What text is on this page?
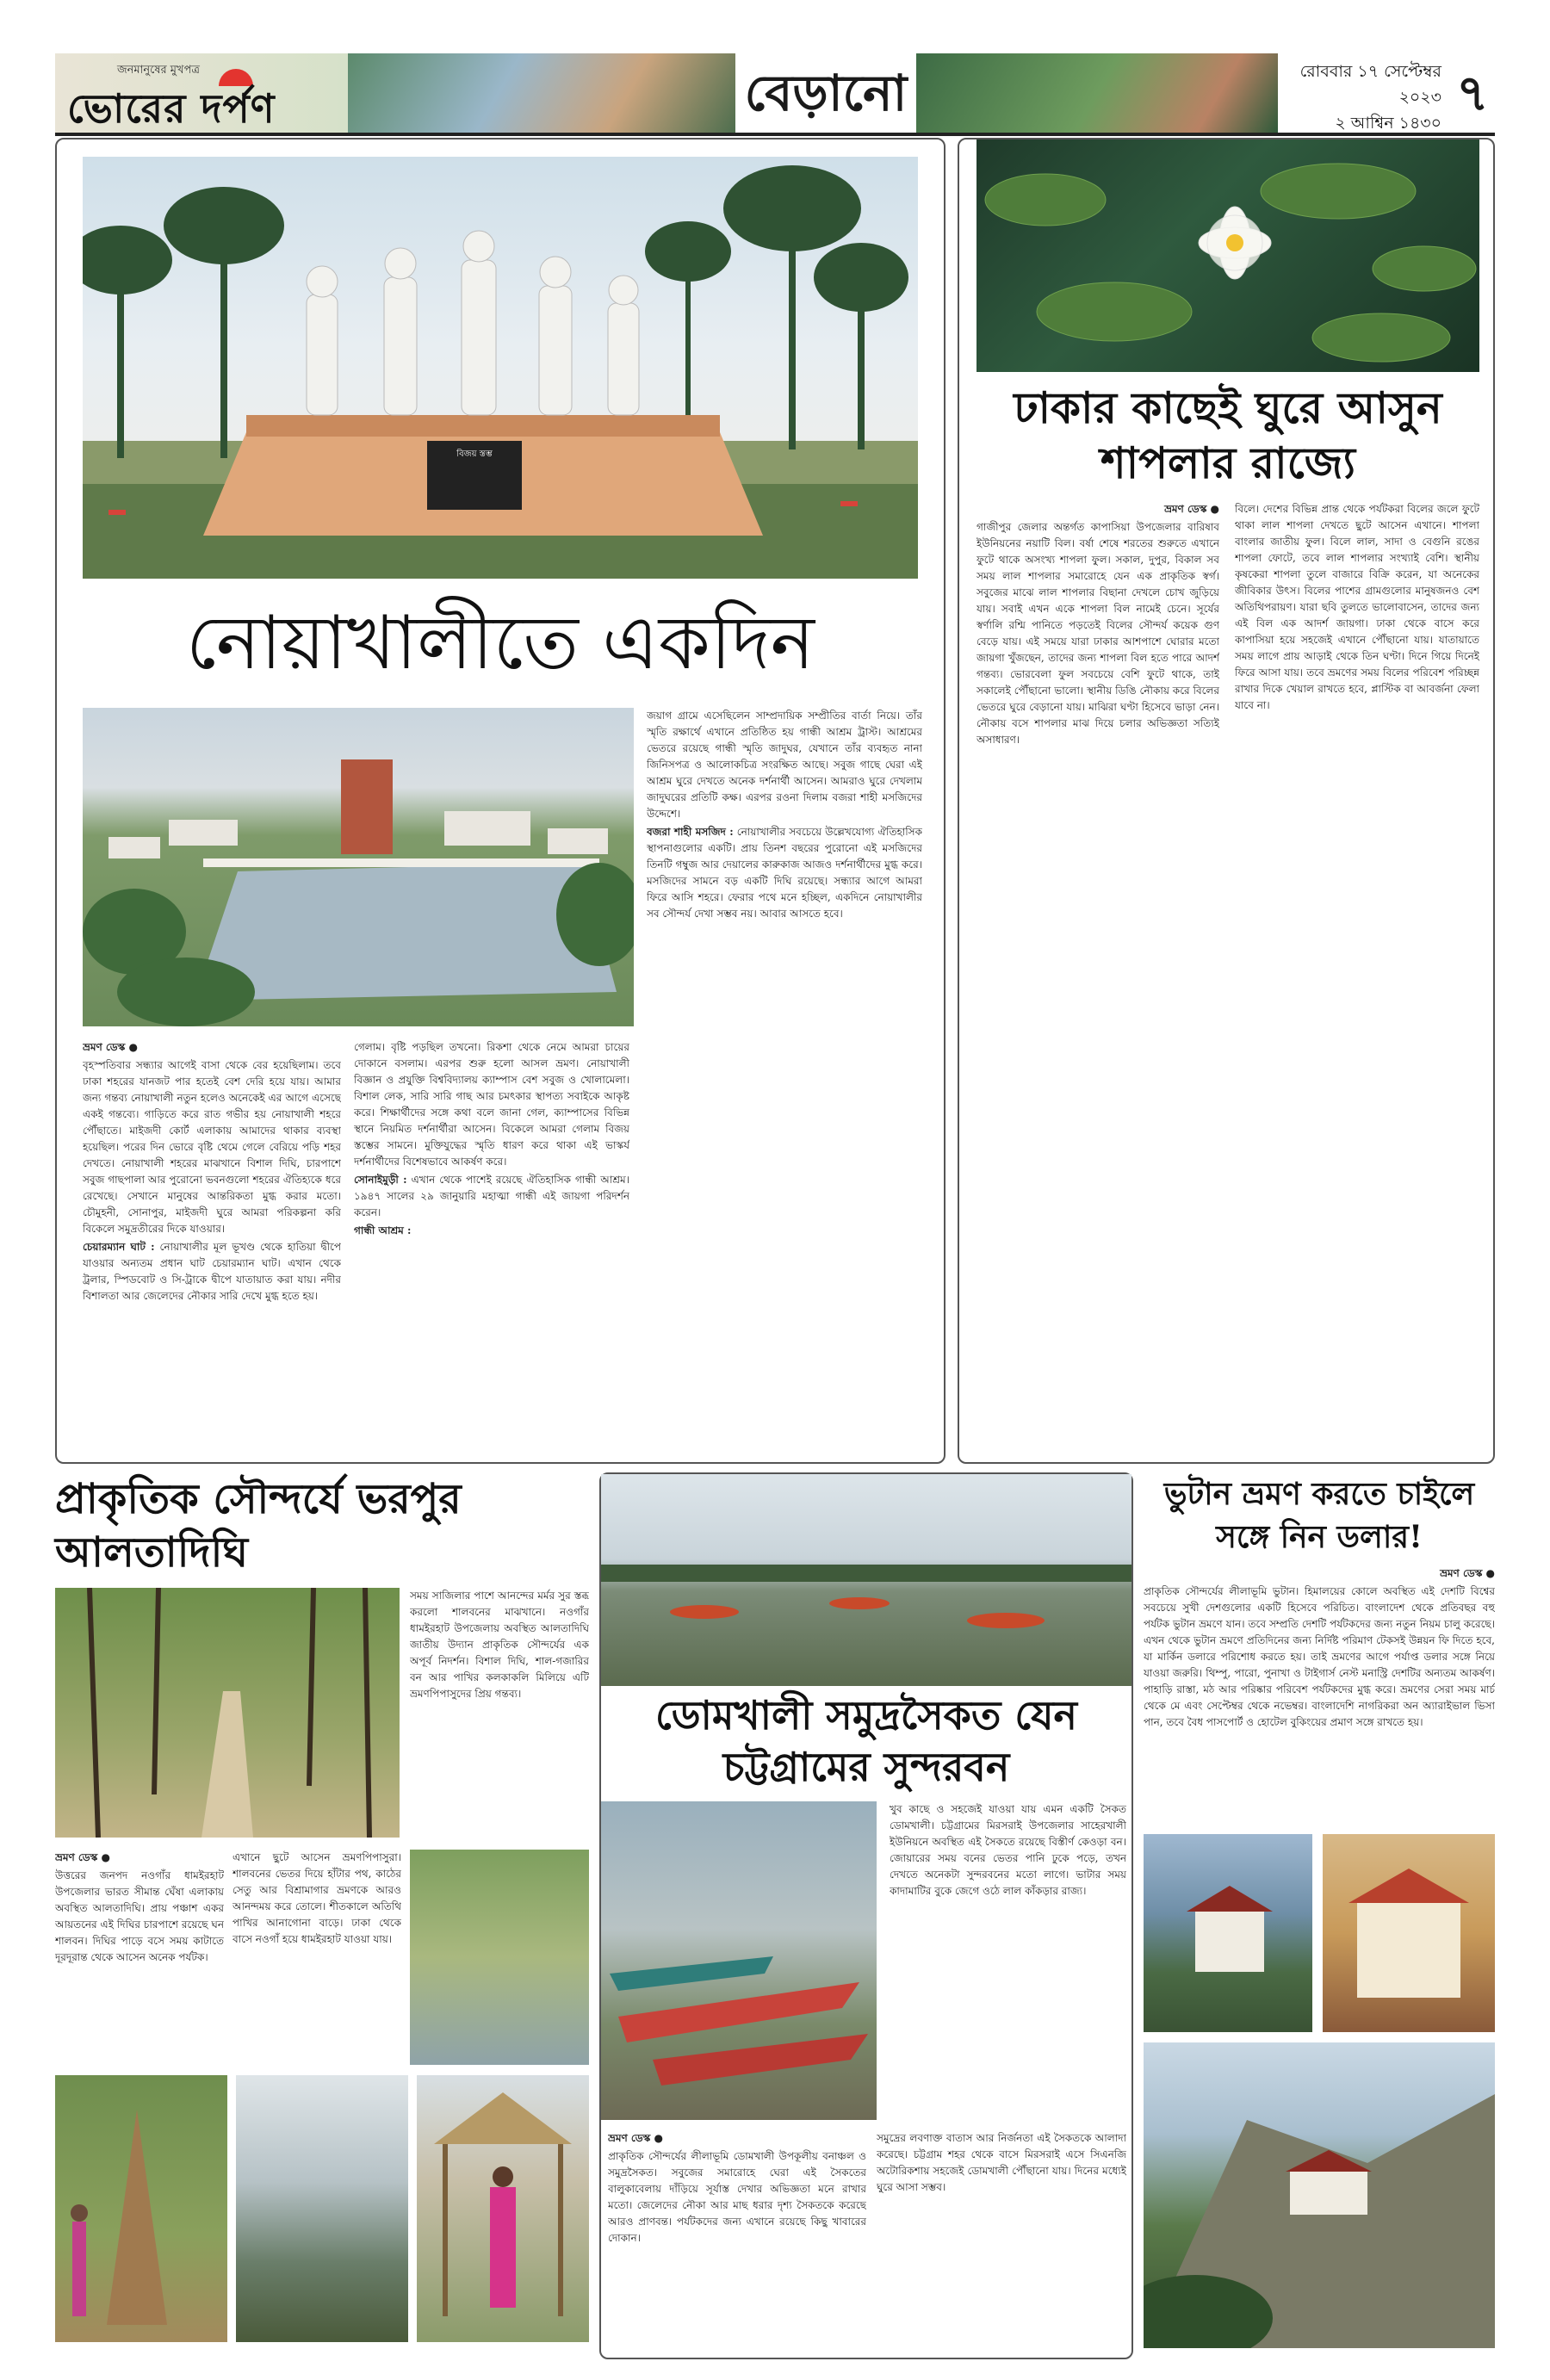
জনমানুষের মুখপত্র
ভোরের দর্পণ	বেড়ানো	রোববার ১৭ সেপ্টেম্বর ২০২৩
২ আশ্বিন ১৪৩০
৭
বিজয় স্তম্ভ
নোয়াখালীতে একদিন

ভ্রমণ ডেস্ক ●

বৃহস্পতিবার সন্ধ্যার আগেই বাসা থেকে বের হয়েছিলাম। তবে ঢাকা শহরের যানজট পার হতেই বেশ দেরি হয়ে যায়। আমার জন্য গন্তব্য নোয়াখালী নতুন হলেও অনেকেই এর আগে এসেছে একই গন্তব্যে। গাড়িতে করে রাত গভীর হয় নোয়াখালী শহরে পৌঁছাতে। মাইজদী কোর্ট এলাকায় আমাদের থাকার ব্যবস্থা হয়েছিল। পরের দিন ভোরে বৃষ্টি থেমে গেলে বেরিয়ে পড়ি শহর দেখতে। নোয়াখালী শহরের মাঝখানে বিশাল দিঘি, চারপাশে সবুজ গাছপালা আর পুরোনো ভবনগুলো শহরের ঐতিহ্যকে ধরে রেখেছে। সেখানে মানুষের আন্তরিকতা মুগ্ধ করার মতো। চৌমুহনী, সোনাপুর, মাইজদী ঘুরে আমরা পরিকল্পনা করি বিকেলে সমুদ্রতীরের দিকে যাওয়ার।

চেয়ারম্যান ঘাট : নোয়াখালীর মূল ভূখণ্ড থেকে হাতিয়া দ্বীপে যাওয়ার অন্যতম প্রধান ঘাট চেয়ারম্যান ঘাট। এখান থেকে ট্রলার, স্পিডবোট ও সি-ট্রাকে দ্বীপে যাতায়াত করা যায়। নদীর বিশালতা আর জেলেদের নৌকার সারি দেখে মুগ্ধ হতে হয়।

গেলাম। বৃষ্টি পড়ছিল তখনো। রিকশা থেকে নেমে আমরা চায়ের দোকানে বসলাম। এরপর শুরু হলো আসল ভ্রমণ। নোয়াখালী বিজ্ঞান ও প্রযুক্তি বিশ্ববিদ্যালয় ক্যাম্পাস বেশ সবুজ ও খোলামেলা। বিশাল লেক, সারি সারি গাছ আর চমৎকার স্থাপত্য সবাইকে আকৃষ্ট করে। শিক্ষার্থীদের সঙ্গে কথা বলে জানা গেল, ক্যাম্পাসের বিভিন্ন স্থানে নিয়মিত দর্শনার্থীরা আসেন। বিকেলে আমরা গেলাম বিজয় স্তম্ভের সামনে। মুক্তিযুদ্ধের স্মৃতি ধারণ করে থাকা এই ভাস্কর্য দর্শনার্থীদের বিশেষভাবে আকর্ষণ করে।

সোনাইমুড়ী : এখান থেকে পাশেই রয়েছে ঐতিহাসিক গান্ধী আশ্রম। ১৯৪৭ সালের ২৯ জানুয়ারি মহাত্মা গান্ধী এই জায়গা পরিদর্শন করেন।

গান্ধী আশ্রম :

জয়াগ গ্রামে এসেছিলেন সাম্প্রদায়িক সম্প্রীতির বার্তা নিয়ে। তাঁর স্মৃতি রক্ষার্থে এখানে প্রতিষ্ঠিত হয় গান্ধী আশ্রম ট্রাস্ট। আশ্রমের ভেতরে রয়েছে গান্ধী স্মৃতি জাদুঘর, যেখানে তাঁর ব্যবহৃত নানা জিনিসপত্র ও আলোকচিত্র সংরক্ষিত আছে। সবুজ গাছে ঘেরা এই আশ্রম ঘুরে দেখতে অনেক দর্শনার্থী আসেন। আমরাও ঘুরে দেখলাম জাদুঘরের প্রতিটি কক্ষ। এরপর রওনা দিলাম বজরা শাহী মসজিদের উদ্দেশে।

বজরা শাহী মসজিদ : নোয়াখালীর সবচেয়ে উল্লেখযোগ্য ঐতিহাসিক স্থাপনাগুলোর একটি। প্রায় তিনশ বছরের পুরোনো এই মসজিদের তিনটি গম্বুজ আর দেয়ালের কারুকাজ আজও দর্শনার্থীদের মুগ্ধ করে। মসজিদের সামনে বড় একটি দিঘি রয়েছে। সন্ধ্যার আগে আমরা ফিরে আসি শহরে। ফেরার পথে মনে হচ্ছিল, একদিনে নোয়াখালীর সব সৌন্দর্য দেখা সম্ভব নয়। আবার আসতে হবে।

ঢাকার কাছেই ঘুরে আসুন
শাপলার রাজ্যে

ভ্রমণ ডেস্ক ●

গাজীপুর জেলার অন্তর্গত কাপাসিয়া উপজেলার বারিষাব ইউনিয়নের নয়াটি বিল। বর্ষা শেষে শরতের শুরুতে এখানে ফুটে থাকে অসংখ্য শাপলা ফুল। সকাল, দুপুর, বিকাল সব সময় লাল শাপলার সমারোহে যেন এক প্রাকৃতিক স্বর্গ। সবুজের মাঝে লাল শাপলার বিছানা দেখলে চোখ জুড়িয়ে যায়। সবাই এখন একে শাপলা বিল নামেই চেনে। সূর্যের স্বর্ণালি রশ্মি পানিতে পড়তেই বিলের সৌন্দর্য কয়েক গুণ বেড়ে যায়। এই সময়ে যারা ঢাকার আশপাশে ঘোরার মতো জায়গা খুঁজছেন, তাদের জন্য শাপলা বিল হতে পারে আদর্শ গন্তব্য। ভোরবেলা ফুল সবচেয়ে বেশি ফুটে থাকে, তাই সকালেই পৌঁছানো ভালো। স্থানীয় ডিঙি নৌকায় করে বিলের ভেতরে ঘুরে বেড়ানো যায়। মাঝিরা ঘণ্টা হিসেবে ভাড়া নেন। নৌকায় বসে শাপলার মাঝ দিয়ে চলার অভিজ্ঞতা সত্যিই অসাধারণ।

বিলে। দেশের বিভিন্ন প্রান্ত থেকে পর্যটকরা বিলের জলে ফুটে থাকা লাল শাপলা দেখতে ছুটে আসেন এখানে। শাপলা বাংলার জাতীয় ফুল। বিলে লাল, সাদা ও বেগুনি রঙের শাপলা ফোটে, তবে লাল শাপলার সংখ্যাই বেশি। স্থানীয় কৃষকেরা শাপলা তুলে বাজারে বিক্রি করেন, যা অনেকের জীবিকার উৎস। বিলের পাশের গ্রামগুলোর মানুষজনও বেশ অতিথিপরায়ণ। যারা ছবি তুলতে ভালোবাসেন, তাদের জন্য এই বিল এক আদর্শ জায়গা। ঢাকা থেকে বাসে করে কাপাসিয়া হয়ে সহজেই এখানে পৌঁছানো যায়। যাতায়াতে সময় লাগে প্রায় আড়াই থেকে তিন ঘণ্টা। দিনে গিয়ে দিনেই ফিরে আসা যায়। তবে ভ্রমণের সময় বিলের পরিবেশ পরিচ্ছন্ন রাখার দিকে খেয়াল রাখতে হবে, প্লাস্টিক বা আবর্জনা ফেলা যাবে না।

প্রাকৃতিক সৌন্দর্যে ভরপুর
আলতাদিঘি

সময় সাজিলার পাশে আনন্দের মর্মর সুর স্তব্ধ করলো শালবনের মাঝখানে। নওগাঁর ধামইরহাট উপজেলায় অবস্থিত আলতাদিঘি জাতীয় উদ্যান প্রাকৃতিক সৌন্দর্যের এক অপূর্ব নিদর্শন। বিশাল দিঘি, শাল-গজারির বন আর পাখির কলকাকলি মিলিয়ে এটি ভ্রমণপিপাসুদের প্রিয় গন্তব্য।

ভ্রমণ ডেস্ক ●

উত্তরের জনপদ নওগাঁর ধামইরহাট উপজেলার ভারত সীমান্ত ঘেঁষা এলাকায় অবস্থিত আলতাদিঘি। প্রায় পঞ্চাশ একর আয়তনের এই দিঘির চারপাশে রয়েছে ঘন শালবন। দিঘির পাড়ে বসে সময় কাটাতে দূরদূরান্ত থেকে আসেন অনেক পর্যটক।

এখানে ছুটে আসেন ভ্রমণপিপাসুরা। শালবনের ভেতর দিয়ে হাঁটার পথ, কাঠের সেতু আর বিশ্রামাগার ভ্রমণকে আরও আনন্দময় করে তোলে। শীতকালে অতিথি পাখির আনাগোনা বাড়ে। ঢাকা থেকে বাসে নওগাঁ হয়ে ধামইরহাট যাওয়া যায়।

ডোমখালী সমুদ্রসৈকত যেন
চট্টগ্রামের সুন্দরবন

খুব কাছে ও সহজেই যাওয়া যায় এমন একটি সৈকত ডোমখালী। চট্টগ্রামের মিরসরাই উপজেলার সাহেরখালী ইউনিয়নে অবস্থিত এই সৈকতে রয়েছে বিস্তীর্ণ কেওড়া বন। জোয়ারের সময় বনের ভেতর পানি ঢুকে পড়ে, তখন দেখতে অনেকটা সুন্দরবনের মতো লাগে। ভাটার সময় কাদামাটির বুকে জেগে ওঠে লাল কাঁকড়ার রাজ্য।

ভ্রমণ ডেস্ক ●

প্রাকৃতিক সৌন্দর্যের লীলাভূমি ডোমখালী উপকূলীয় বনাঞ্চল ও সমুদ্রসৈকত। সবুজের সমারোহে ঘেরা এই সৈকতের বালুকাবেলায় দাঁড়িয়ে সূর্যাস্ত দেখার অভিজ্ঞতা মনে রাখার মতো। জেলেদের নৌকা আর মাছ ধরার দৃশ্য সৈকতকে করেছে আরও প্রাণবন্ত। পর্যটকদের জন্য এখানে রয়েছে কিছু খাবারের দোকান।

সমুদ্রের লবণাক্ত বাতাস আর নির্জনতা এই সৈকতকে আলাদা করেছে। চট্টগ্রাম শহর থেকে বাসে মিরসরাই এসে সিএনজি অটোরিকশায় সহজেই ডোমখালী পৌঁছানো যায়। দিনের মধ্যেই ঘুরে আসা সম্ভব।

ভুটান ভ্রমণ করতে চাইলে
সঙ্গে নিন ডলার!

ভ্রমণ ডেস্ক ●

প্রাকৃতিক সৌন্দর্যের লীলাভূমি ভুটান। হিমালয়ের কোলে অবস্থিত এই দেশটি বিশ্বের সবচেয়ে সুখী দেশগুলোর একটি হিসেবে পরিচিত। বাংলাদেশ থেকে প্রতিবছর বহু পর্যটক ভুটান ভ্রমণে যান। তবে সম্প্রতি দেশটি পর্যটকদের জন্য নতুন নিয়ম চালু করেছে। এখন থেকে ভুটান ভ্রমণে প্রতিদিনের জন্য নির্দিষ্ট পরিমাণ টেকসই উন্নয়ন ফি দিতে হবে, যা মার্কিন ডলারে পরিশোধ করতে হয়। তাই ভ্রমণের আগে পর্যাপ্ত ডলার সঙ্গে নিয়ে যাওয়া জরুরি। থিম্পু, পারো, পুনাখা ও টাইগার্স নেস্ট মনাস্ট্রি দেশটির অন্যতম আকর্ষণ। পাহাড়ি রাস্তা, মঠ আর পরিষ্কার পরিবেশ পর্যটকদের মুগ্ধ করে। ভ্রমণের সেরা সময় মার্চ থেকে মে এবং সেপ্টেম্বর থেকে নভেম্বর। বাংলাদেশি নাগরিকরা অন অ্যারাইভাল ভিসা পান, তবে বৈধ পাসপোর্ট ও হোটেল বুকিংয়ের প্রমাণ সঙ্গে রাখতে হয়।
